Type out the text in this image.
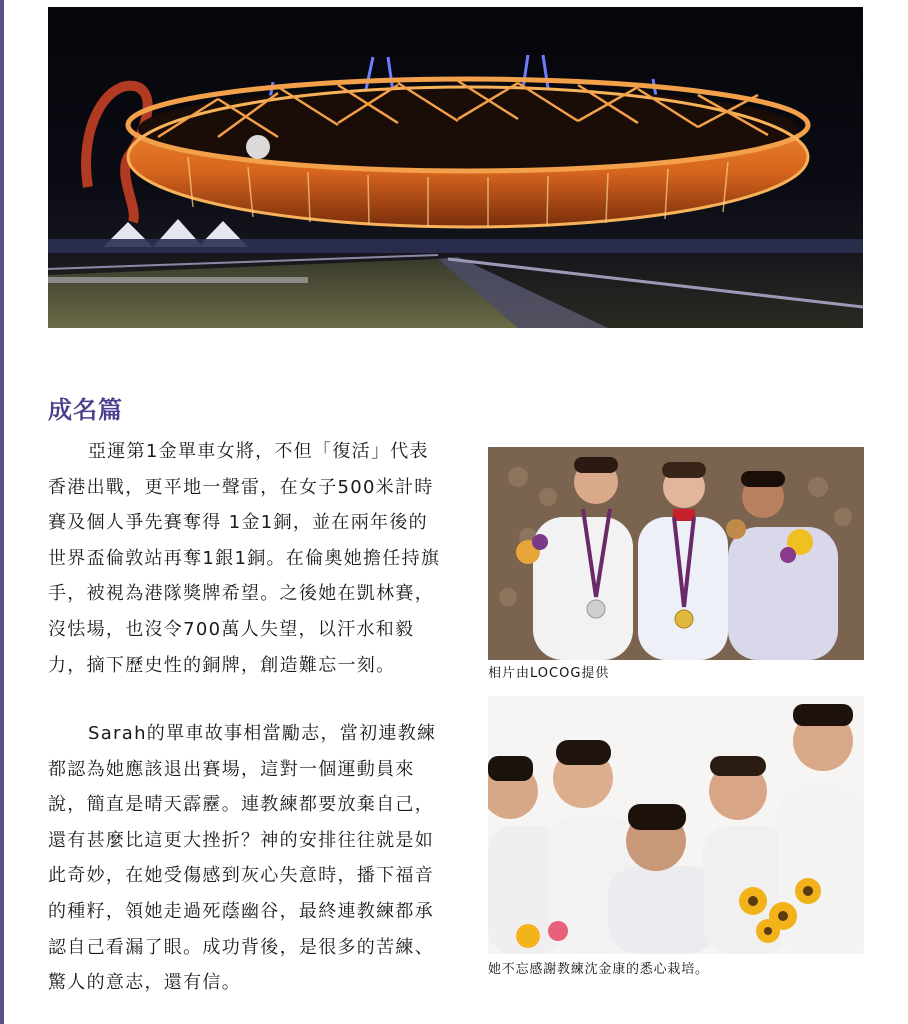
成名篇
亞運第1金單車女將，不但「復活」代表
香港出戰，更平地一聲雷，在女子500米計時
賽及個人爭先賽奪得 1金1銅，並在兩年後的
世界盃倫敦站再奪1銀1銅。在倫奧她擔任持旗
手，被視為港隊獎牌希望。之後她在凱林賽，
沒怯場，也沒令700萬人失望，以汗水和毅
力，摘下歷史性的銅牌，創造難忘一刻。
Sarah的單車故事相當勵志，當初連教練
都認為她應該退出賽場，這對一個運動員來
說，簡直是晴天霹靂。連教練都要放棄自己，
還有甚麼比這更大挫折？神的安排往往就是如
此奇妙，在她受傷感到灰心失意時，播下福音
的種籽，領她走過死蔭幽谷，最終連教練都承
認自己看漏了眼。成功背後，是很多的苦練、
驚人的意志，還有信。
相片由LOCOG提供
她不忘感謝教練沈金康的悉心栽培。
